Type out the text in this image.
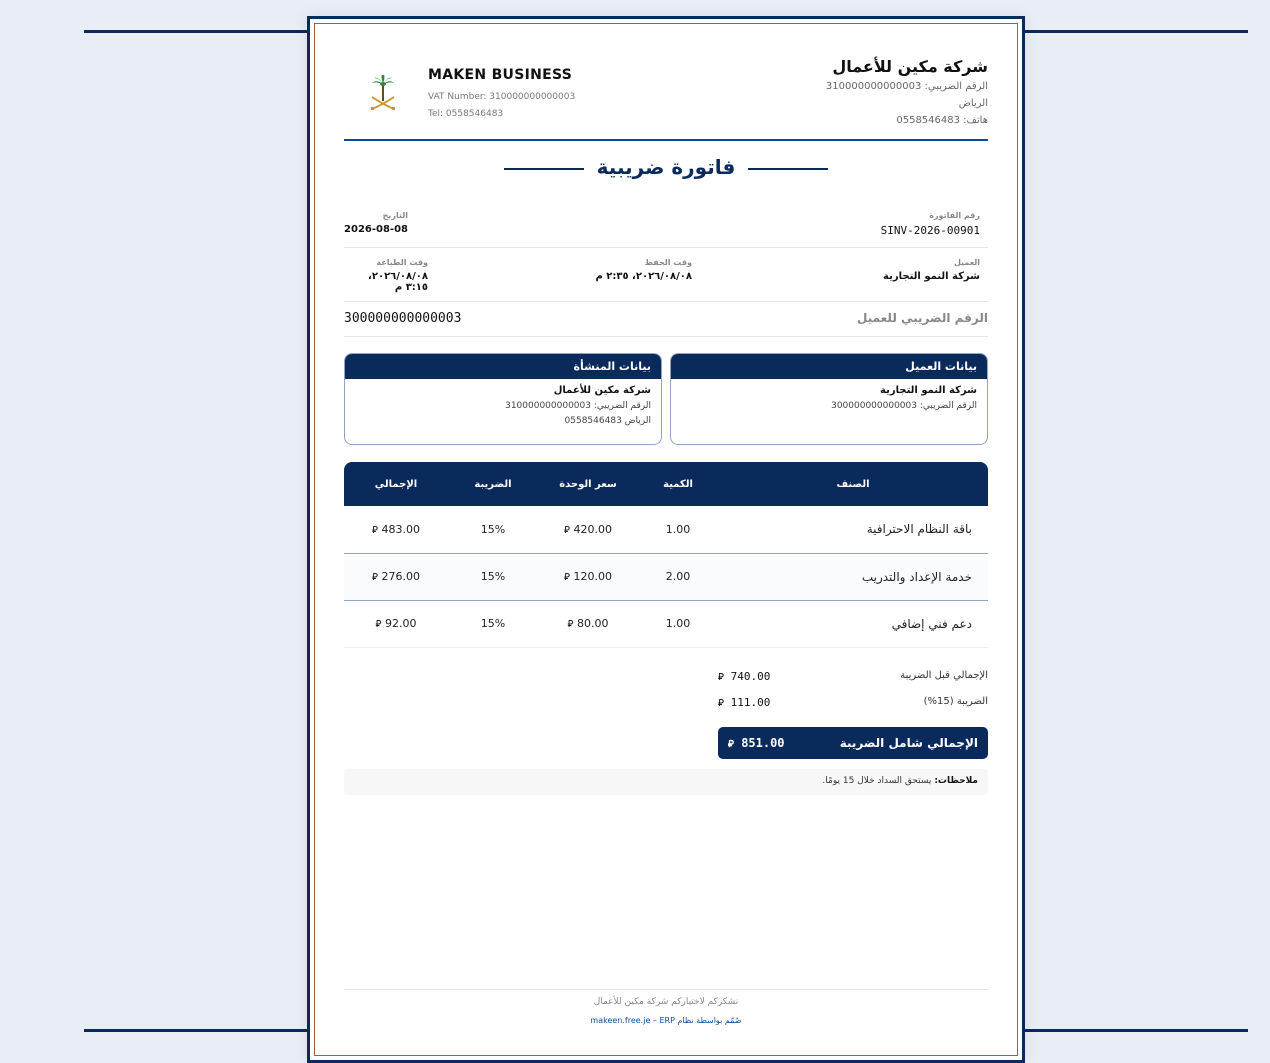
شركة مكين للأعمال
الرقم الضريبي: 310000000000003
الرياض
هاتف: 0558546483
MAKEN BUSINESS
VAT Number: 310000000000003
Tel: 0558546483
فاتورة ضريبية
رقم الفاتورة
SINV-2026-00901
التاريخ
2026-08-08
العميل
شركة النمو التجارية
وقت الحفظ
٢٠٢٦/٠٨/٠٨، ٢:٣٥ م
وقت الطباعة
٢٠٢٦/٠٨/٠٨، ٣:١٥ م
الرقم الضريبي للعميل
300000000000003
بيانات العميل
شركة النمو التجارية
الرقم الضريبي: 300000000000003
بيانات المنشأة
شركة مكين للأعمال
الرقم الضريبي: 310000000000003
الرياض 0558546483
الصنف	الكمية	سعر الوحدة	الضريبة	الإجمالي
باقة النظام الاحترافية	1.00	⃁ 420.00	15%	⃁ 483.00
خدمة الإعداد والتدريب	2.00	⃁ 120.00	15%	⃁ 276.00
دعم فني إضافي	1.00	⃁ 80.00	15%	⃁ 92.00
الإجمالي قبل الضريبة
⃁ 740.00
الضريبة (15%)
⃁ 111.00
الإجمالي شامل الضريبة
⃁ 851.00
ملاحظات: يستحق السداد خلال 15 يومًا.
نشكركم لاختياركم شركة مكين للأعمال
صُمّم بواسطة نظام makeen.free.je – ERP
